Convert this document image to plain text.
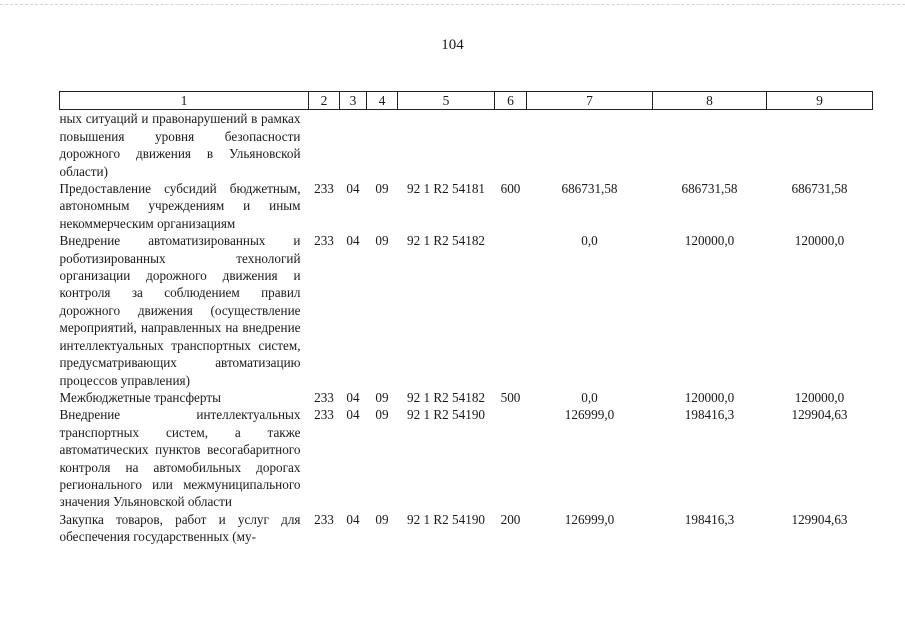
104
1	2	3	4	5	6	7	8	9
ных ситуаций и правонарушений в рамках повышения уровня безопасности дорожного движения в Ульяновской области)								
Предоставление субсидий бюджетным, автономным учреждениям и иным некоммерческим организациям	233	04	09	92 1 R2 54181	600	686731,58	686731,58	686731,58
Внедрение автоматизированных и роботизированных технологий организации дорожного движения и контроля за соблюдением правил дорожного движения (осуществление мероприятий, направленных на внедрение интеллектуальных транспортных систем, предусматривающих автоматизацию процессов управления)	233	04	09	92 1 R2 54182		0,0	120000,0	120000,0
Межбюджетные трансферты	233	04	09	92 1 R2 54182	500	0,0	120000,0	120000,0
Внедрение интеллектуальных транспортных систем, а также автоматических пунктов весогабаритного контроля на автомобильных дорогах регионального или межмуниципального значения Ульяновской области	233	04	09	92 1 R2 54190		126999,0	198416,3	129904,63
Закупка товаров, работ и услуг для обеспечения государственных (му-	233	04	09	92 1 R2 54190	200	126999,0	198416,3	129904,63
